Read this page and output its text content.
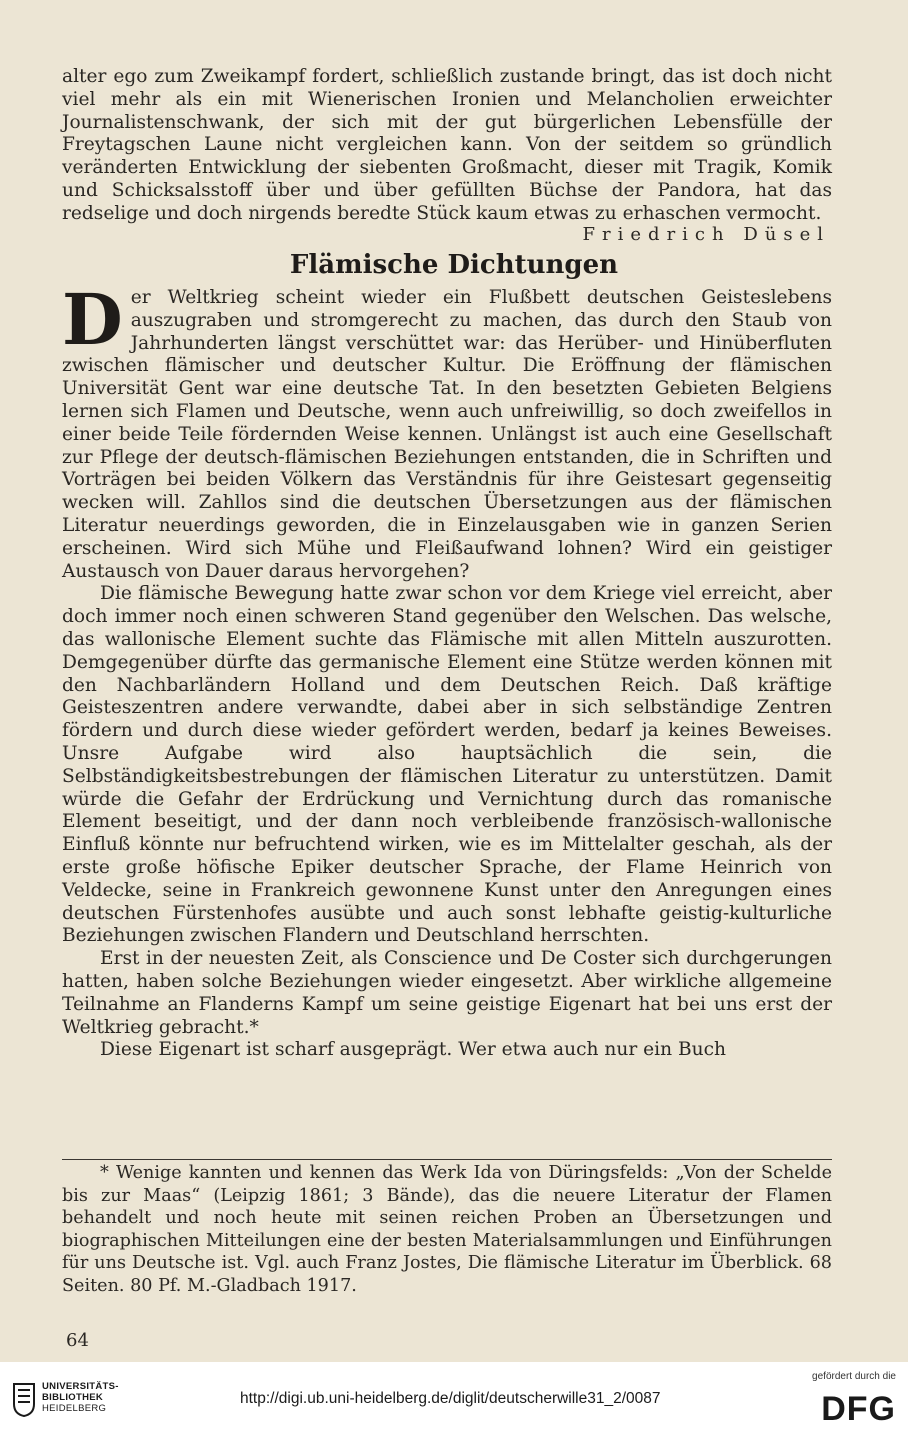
alter ego zum Zweikampf fordert, schließlich zustande bringt, das ist doch nicht viel mehr als ein mit Wienerischen Ironien und Melancholien erweichter Journalistenschwank, der sich mit der gut bürgerlichen Lebensfülle der Freytagschen Laune nicht vergleichen kann. Von der seitdem so gründlich veränderten Entwicklung der siebenten Großmacht, dieser mit Tragik, Komik und Schicksalsstoff über und über gefüllten Büchse der Pandora, hat das redselige und doch nirgends beredte Stück kaum etwas zu erhaschen vermocht.

Friedrich Düsel
Flämische Dichtungen

Der Weltkrieg scheint wieder ein Flußbett deutschen Geisteslebens auszugraben und stromgerecht zu machen, das durch den Staub von Jahrhunderten längst verschüttet war: das Herüber- und Hinüberfluten zwischen flämischer und deutscher Kultur. Die Eröffnung der flämischen Universität Gent war eine deutsche Tat. In den besetzten Gebieten Belgiens lernen sich Flamen und Deutsche, wenn auch unfreiwillig, so doch zweifellos in einer beide Teile fördernden Weise kennen. Unlängst ist auch eine Gesellschaft zur Pflege der deutsch-flämischen Beziehungen entstanden, die in Schriften und Vorträgen bei beiden Völkern das Verständnis für ihre Geistesart gegenseitig wecken will. Zahllos sind die deutschen Übersetzungen aus der flämischen Literatur neuerdings geworden, die in Einzelausgaben wie in ganzen Serien erscheinen. Wird sich Mühe und Fleißaufwand lohnen? Wird ein geistiger Austausch von Dauer daraus hervorgehen?

Die flämische Bewegung hatte zwar schon vor dem Kriege viel erreicht, aber doch immer noch einen schweren Stand gegenüber den Welschen. Das welsche, das wallonische Element suchte das Flämische mit allen Mitteln auszurotten. Demgegenüber dürfte das germanische Element eine Stütze werden können mit den Nachbarländern Holland und dem Deutschen Reich. Daß kräftige Geisteszentren andere verwandte, dabei aber in sich selbständige Zentren fördern und durch diese wieder gefördert werden, bedarf ja keines Beweises. Unsre Aufgabe wird also hauptsächlich die sein, die Selbständigkeitsbestrebungen der flämischen Literatur zu unterstützen. Damit würde die Gefahr der Erdrückung und Vernichtung durch das romanische Element beseitigt, und der dann noch verbleibende französisch-wallonische Einfluß könnte nur befruchtend wirken, wie es im Mittelalter geschah, als der erste große höfische Epiker deutscher Sprache, der Flame Heinrich von Veldecke, seine in Frankreich gewonnene Kunst unter den Anregungen eines deutschen Fürstenhofes ausübte und auch sonst lebhafte geistig-kulturliche Beziehungen zwischen Flandern und Deutschland herrschten.

Erst in der neuesten Zeit, als Conscience und De Coster sich durchgerungen hatten, haben solche Beziehungen wieder eingesetzt. Aber wirkliche allgemeine Teilnahme an Flanderns Kampf um seine geistige Eigenart hat bei uns erst der Weltkrieg gebracht.*

Diese Eigenart ist scharf ausgeprägt. Wer etwa auch nur ein Buch

* Wenige kannten und kennen das Werk Ida von Düringsfelds: „Von der Schelde bis zur Maas“ (Leipzig 1861; 3 Bände), das die neuere Literatur der Flamen behandelt und noch heute mit seinen reichen Proben an Übersetzungen und biographischen Mitteilungen eine der besten Materialsammlungen und Einführungen für uns Deutsche ist. Vgl. auch Franz Jostes, Die flämische Literatur im Überblick. 68 Seiten. 80 Pf. M.-Gladbach 1917.

64
UNIVERSITÄTS-
BIBLIOTHEK
HEIDELBERG
http://digi.ub.uni-heidelberg.de/diglit/deutscherwille31_2/0087
gefördert durch die
DFG
